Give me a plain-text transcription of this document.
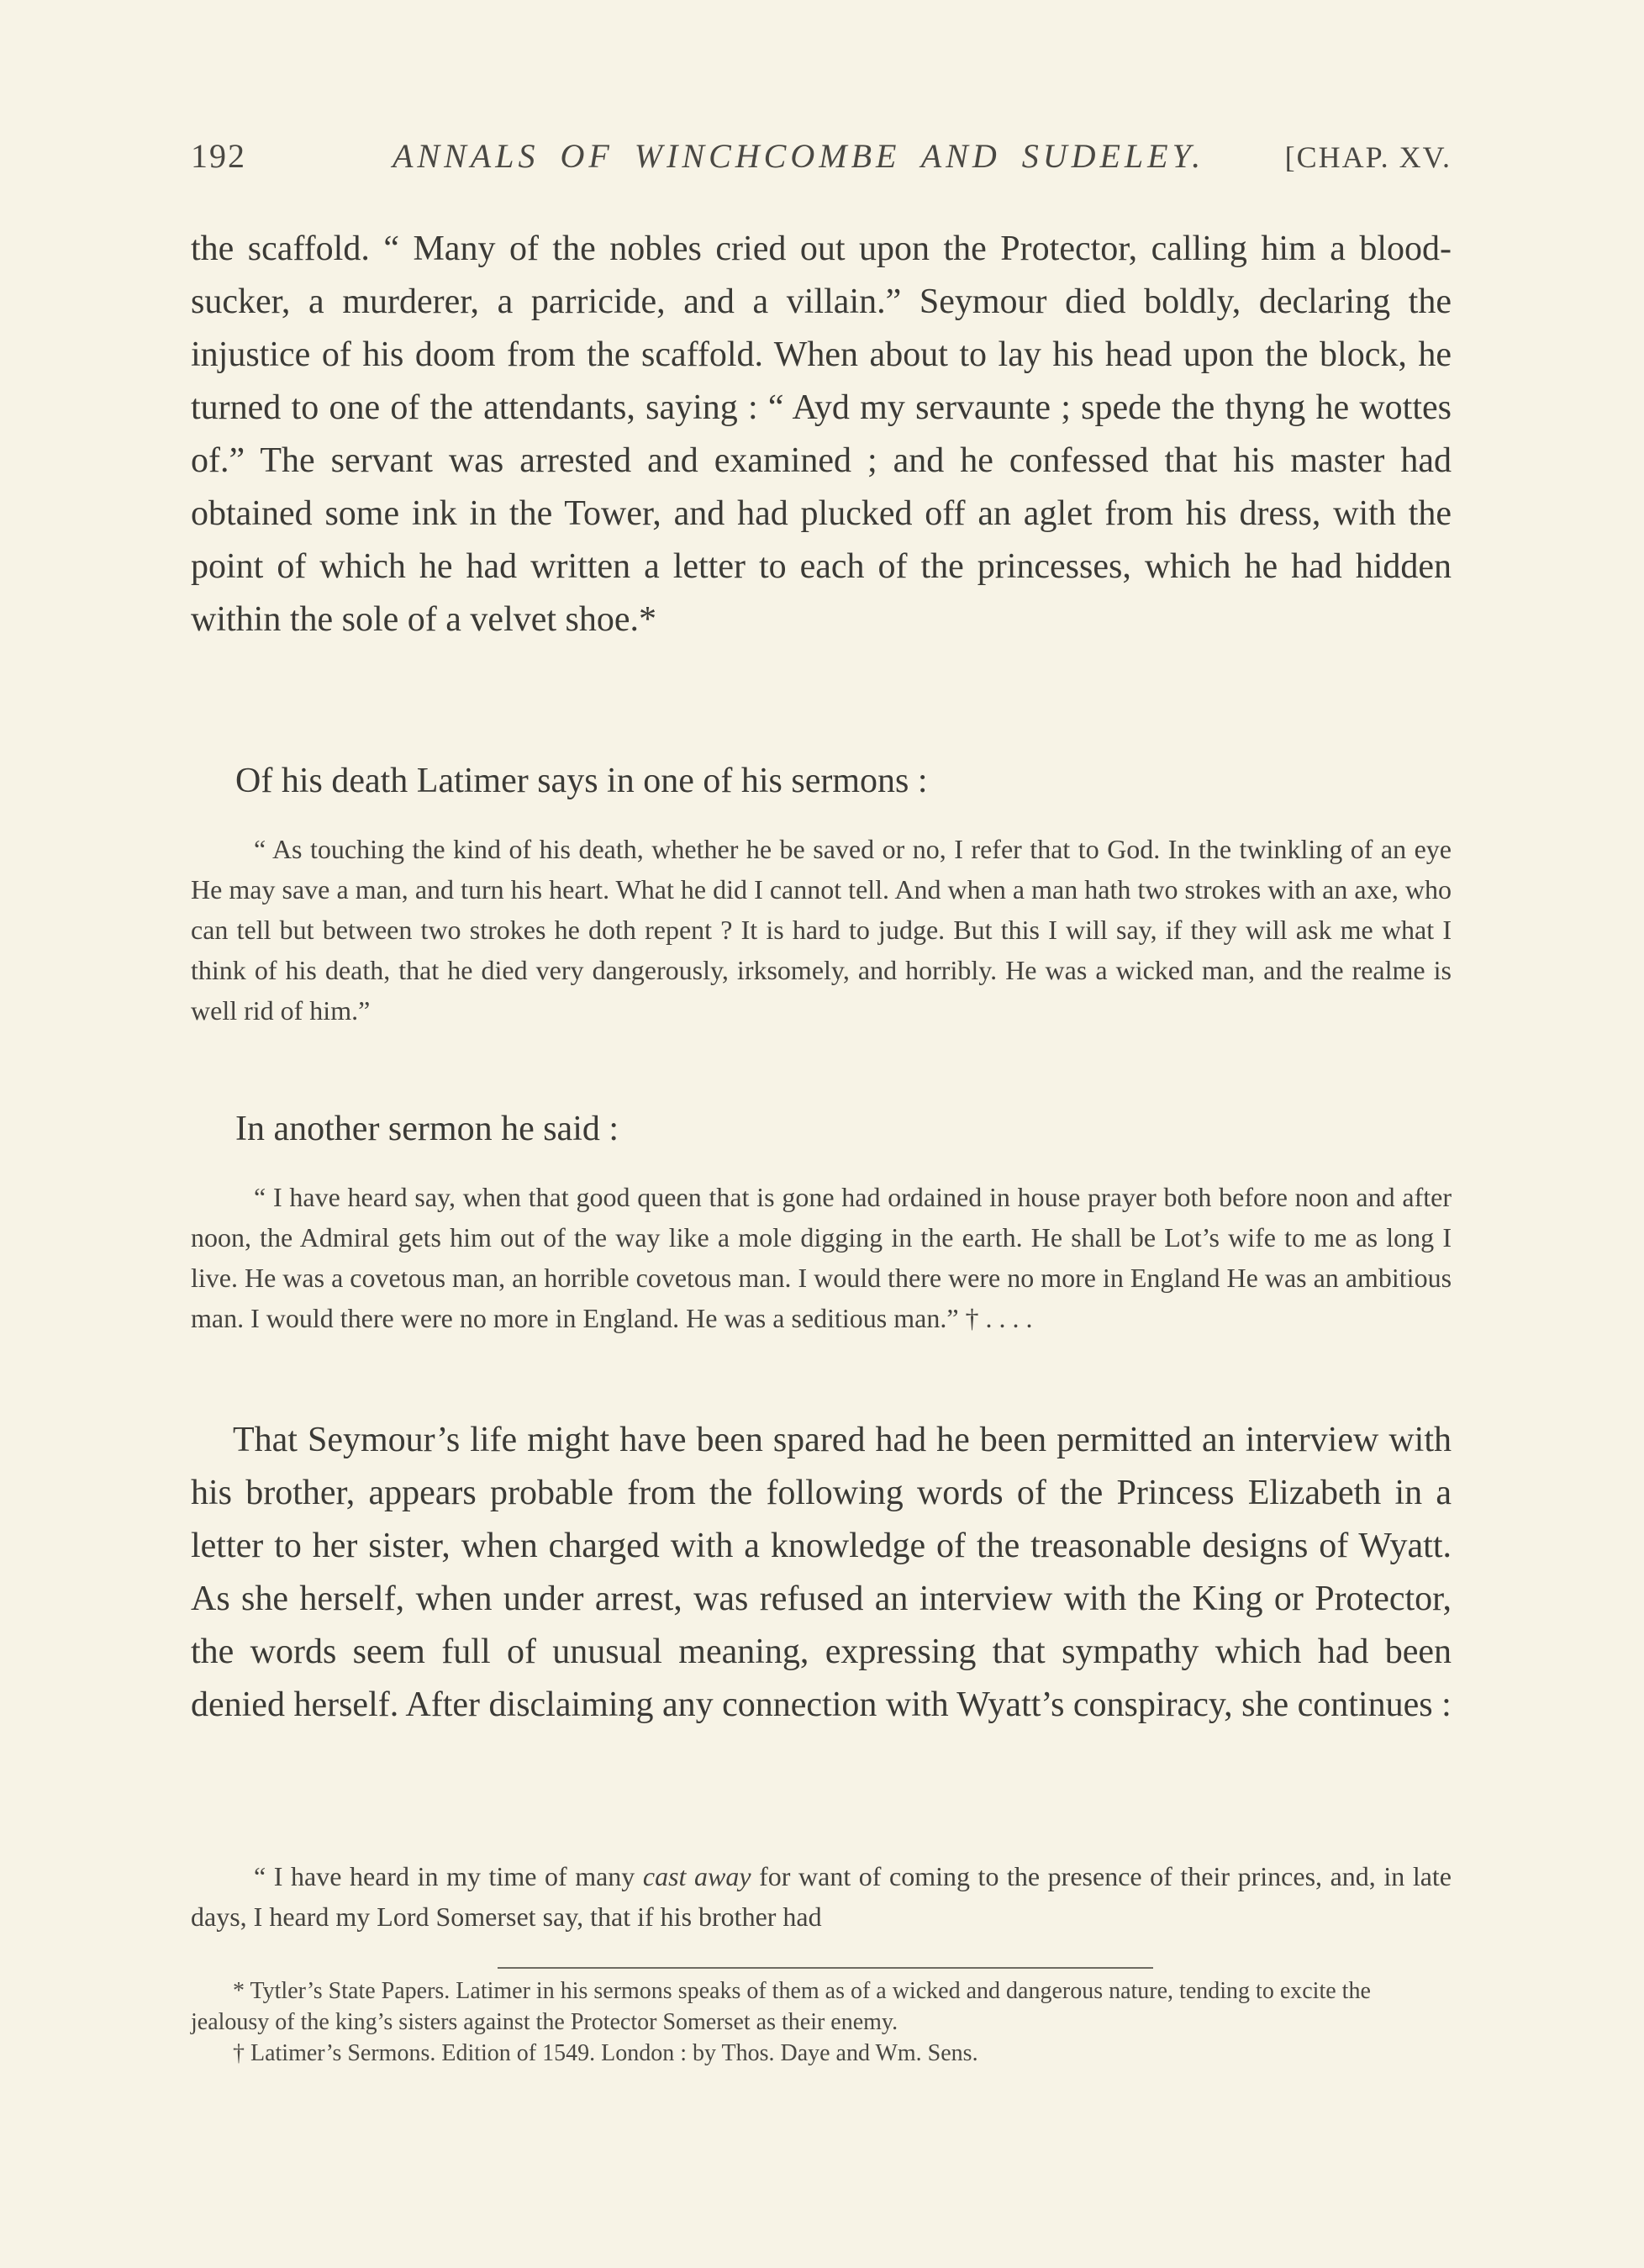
192	ANNALS OF WINCHCOMBE AND SUDELEY.	[CHAP. XV.

the scaffold. “ Many of the nobles cried out upon the Protector, calling him a blood-sucker, a murderer, a parricide, and a villain.” Seymour died boldly, declaring the injustice of his doom from the scaffold. When about to lay his head upon the block, he turned to one of the attendants, saying : “ Ayd my servaunte ; spede the thyng he wottes of.” The servant was arrested and examined ; and he confessed that his master had obtained some ink in the Tower, and had plucked off an aglet from his dress, with the point of which he had written a letter to each of the princesses, which he had hidden within the sole of a velvet shoe.*

Of his death Latimer says in one of his sermons :

“ As touching the kind of his death, whether he be saved or no, I refer that to God. In the twinkling of an eye He may save a man, and turn his heart. What he did I cannot tell. And when a man hath two strokes with an axe, who can tell but between two strokes he doth repent ? It is hard to judge. But this I will say, if they will ask me what I think of his death, that he died very dangerously, irksomely, and horribly. He was a wicked man, and the realme is well rid of him.”

In another sermon he said :

“ I have heard say, when that good queen that is gone had ordained in house prayer both before noon and after noon, the Admiral gets him out of the way like a mole digging in the earth. He shall be Lot’s wife to me as long I live. He was a covetous man, an horrible covetous man. I would there were no more in England He was an ambitious man. I would there were no more in England. He was a seditious man.” † . . . .

That Seymour’s life might have been spared had he been permitted an interview with his brother, appears probable from the following words of the Princess Elizabeth in a letter to her sister, when charged with a knowledge of the treasonable designs of Wyatt. As she herself, when under arrest, was refused an interview with the King or Protector, the words seem full of unusual meaning, expressing that sympathy which had been denied herself. After disclaiming any connection with Wyatt’s conspiracy, she continues :

“ I have heard in my time of many cast away for want of coming to the presence of their princes, and, in late days, I heard my Lord Somerset say, that if his brother had

* Tytler’s State Papers. Latimer in his sermons speaks of them as of a wicked and dangerous nature, tending to excite the jealousy of the king’s sisters against the Protector Somerset as their enemy.

† Latimer’s Sermons. Edition of 1549. London : by Thos. Daye and Wm. Sens.
